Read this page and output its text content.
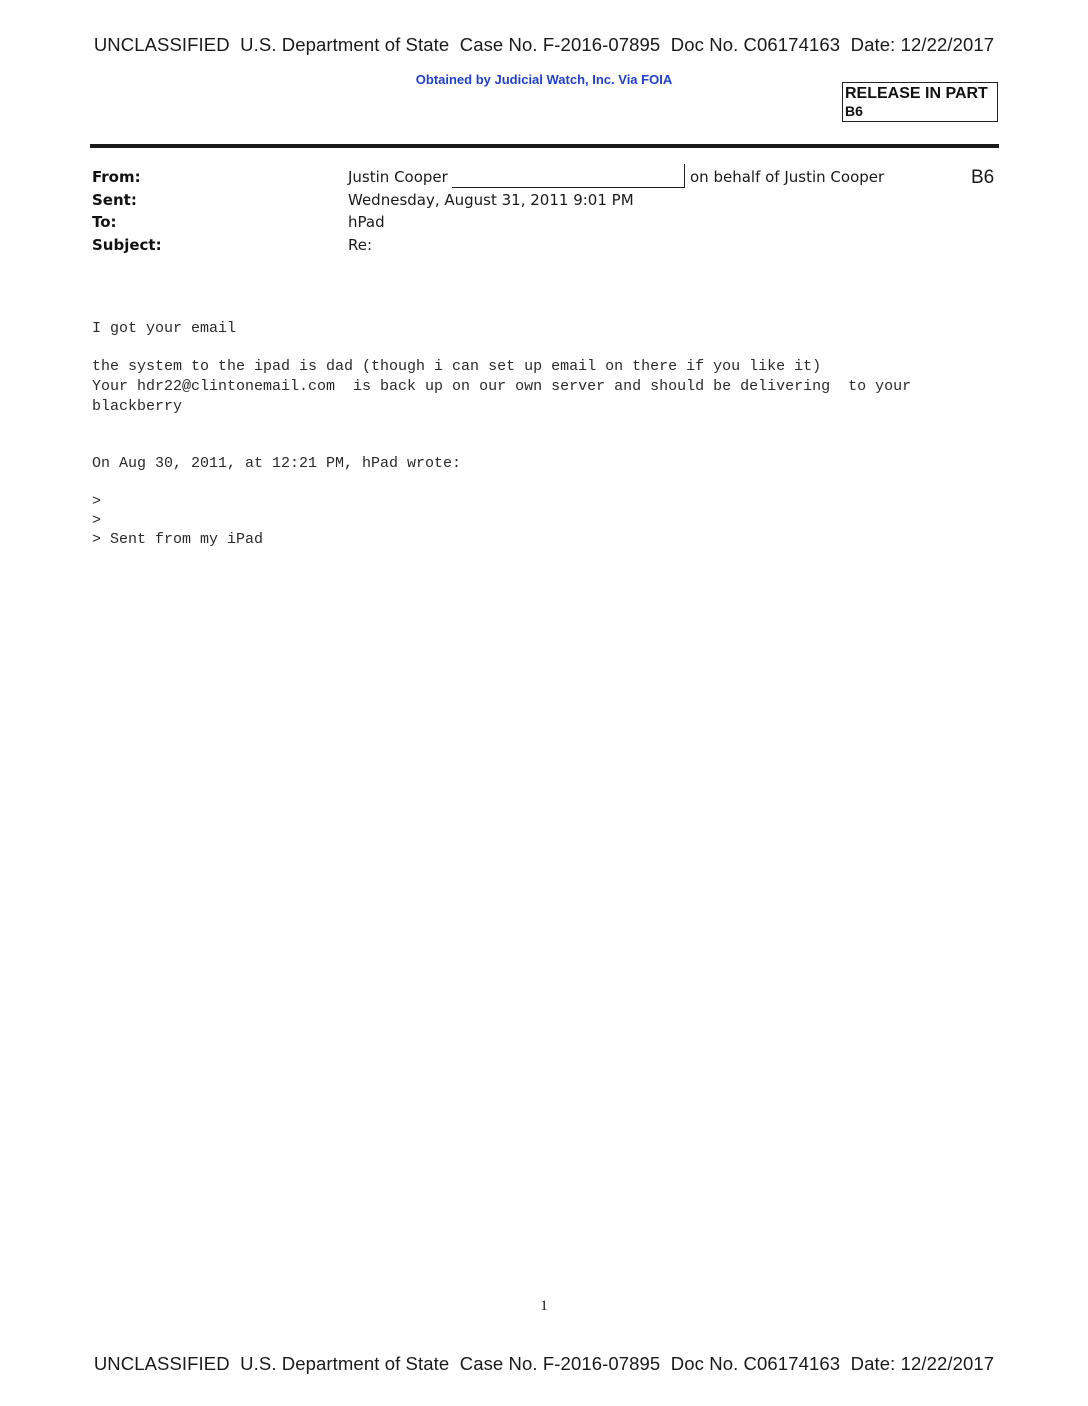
UNCLASSIFIED  U.S. Department of State  Case No. F-2016-07895  Doc No. C06174163  Date: 12/22/2017
Obtained by Judicial Watch, Inc. Via FOIA
RELEASE IN PART
B6
From:	Justin Cooper	on behalf of Justin Cooper	B6
Sent:	Wednesday, August 31, 2011 9:01 PM
To:	hPad
Subject:	Re:
I got your email
the system to the ipad is dad (though i can set up email on there if you like it)
Your hdr22@clintonemail.com  is back up on our own server and should be delivering  to your
blackberry
On Aug 30, 2011, at 12:21 PM, hPad wrote:
>
>
> Sent from my iPad
1
UNCLASSIFIED  U.S. Department of State  Case No. F-2016-07895  Doc No. C06174163  Date: 12/22/2017
